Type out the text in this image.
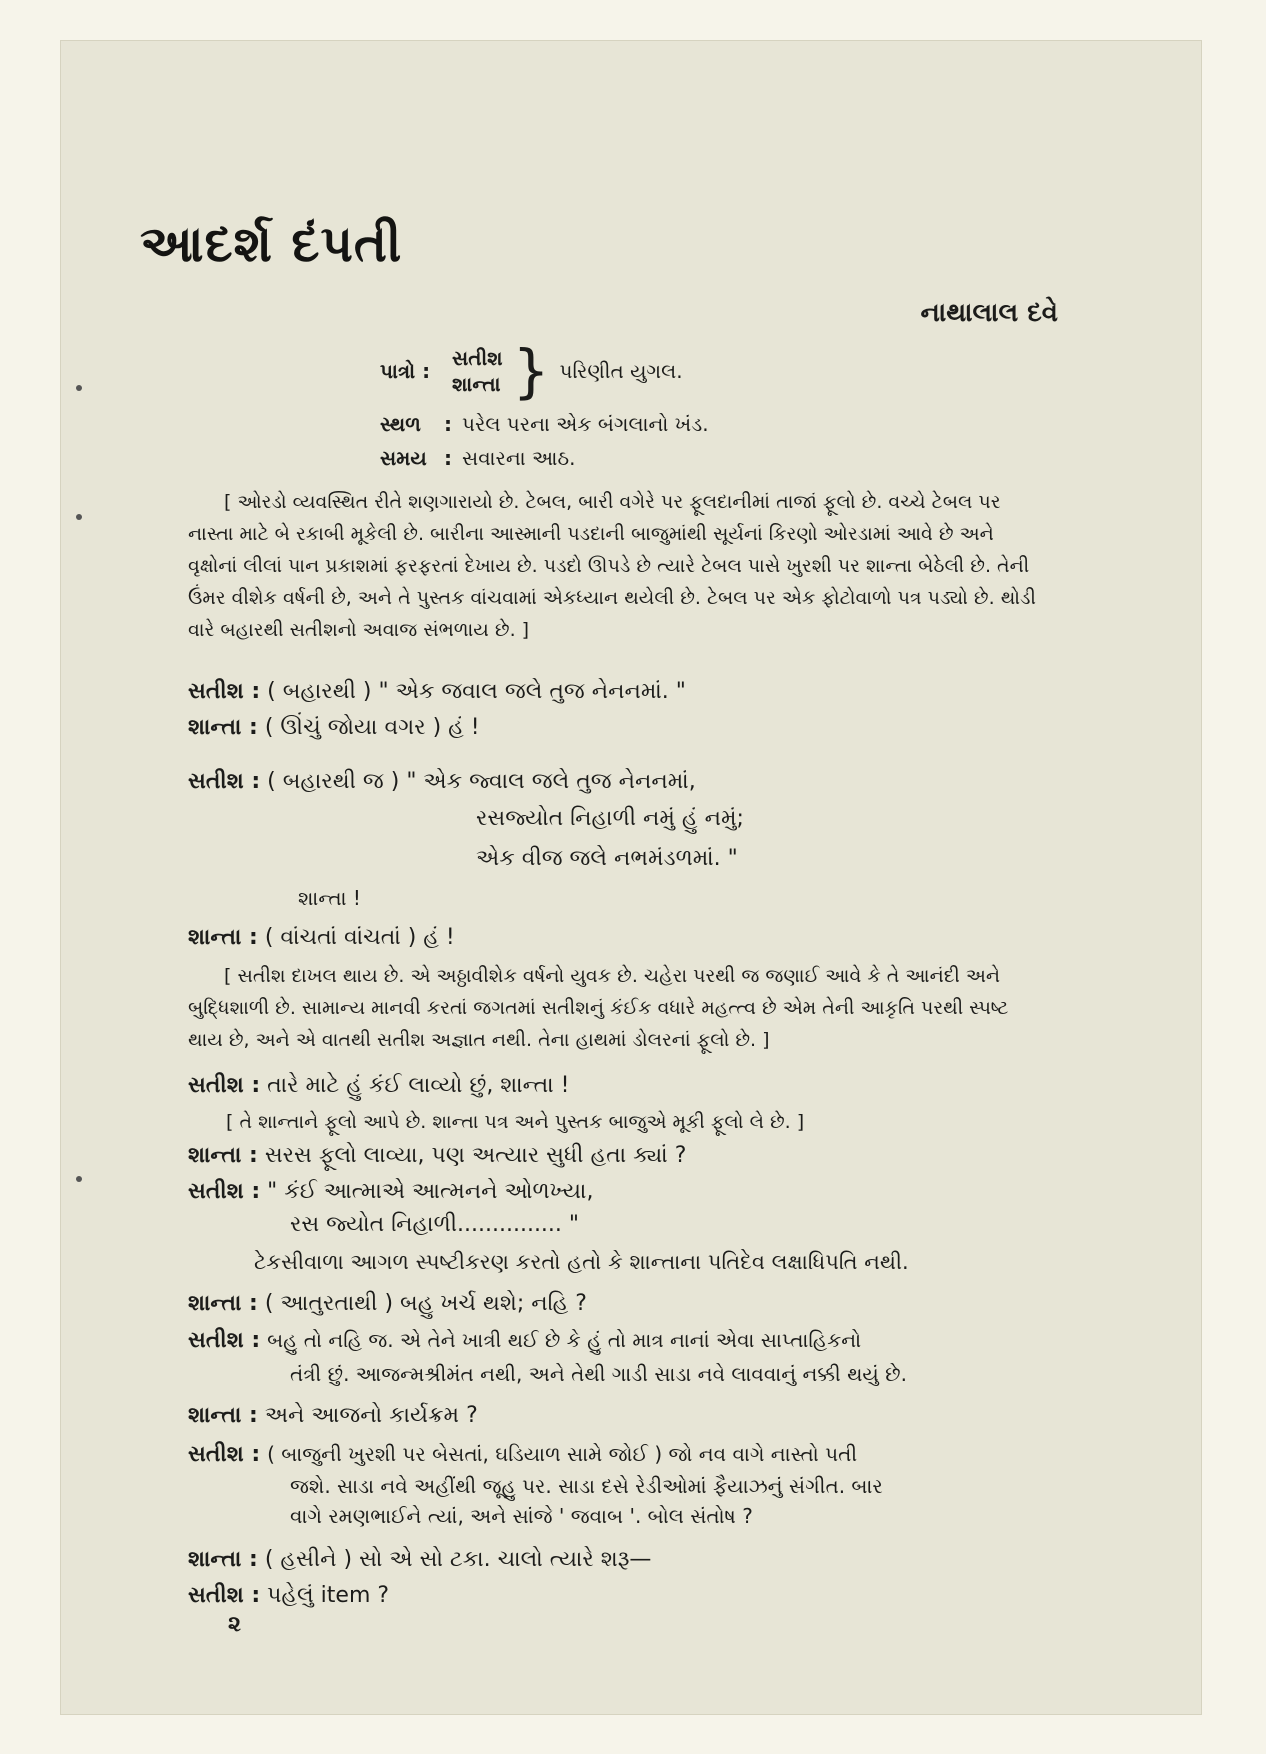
આદર્શ દંપતી
નાથાલાલ દવે
પાત્રો :
સતીશ
શાન્તા } પરિણીત યુગલ.
સ્થળ : પરેલ પરના એક બંગલાનો ખંડ.
સમય : સવારના આઠ.
[ ઓરડો વ્યવસ્થિત રીતે શણગારાયો છે. ટેબલ, બારી વગેરે પર ફૂલદાનીમાં તાજાં ફૂલો છે. વચ્ચે ટેબલ પર નાસ્તા માટે બે રકાબી મૂકેલી છે. બારીના આસ્માની પડદાની બાજુમાંથી સૂર્યનાં કિરણો ઓરડામાં આવે છે અને વૃક્ષોનાં લીલાં પાન પ્રકાશમાં ફરફરતાં દેખાય છે. પડદો ઊપડે છે ત્યારે ટેબલ પાસે ખુરશી પર શાન્તા બેઠેલી છે. તેની ઉંમર વીશેક વર્ષની છે, અને તે પુસ્તક વાંચવામાં એકધ્યાન થયેલી છે. ટેબલ પર એક ફોટોવાળો પત્ર પડ્યો છે. થોડી વારે બહારથી સતીશનો અવાજ સંભળાય છે. ]
સતીશ : ( બહારથી ) " એક જવાલ જલે તુજ નેનનમાં. "
શાન્તા : ( ઊંચું જોયા વગર ) હં !
સતીશ : ( બહારથી જ ) " એક જ્વાલ જલે તુજ નેનનમાં,
રસજ્યોત નિહાળી નમું હું નમું;
એક વીજ જલે નભમંડળમાં. "
શાન્તા !
શાન્તા : ( વાંચતાં વાંચતાં ) હં !
[ સતીશ દાખલ થાય છે. એ અઠ્ઠાવીશેક વર્ષનો યુવક છે. ચહેરા પરથી જ જણાઈ આવે કે તે આનંદી અને બુદ્ધિશાળી છે. સામાન્ય માનવી કરતાં જગતમાં સતીશનું કંઈક વધારે મહત્ત્વ છે એમ તેની આકૃતિ પરથી સ્પષ્ટ થાય છે, અને એ વાતથી સતીશ અજ્ઞાત નથી. તેના હાથમાં ડોલરનાં ફૂલો છે. ]
સતીશ : તારે માટે હું કંઈ લાવ્યો છું, શાન્તા !
[ તે શાન્તાને ફૂલો આપે છે. શાન્તા પત્ર અને પુસ્તક બાજુએ મૂકી ફૂલો લે છે. ]
શાન્તા : સરસ ફૂલો લાવ્યા, પણ અત્યાર સુધી હતા ક્યાં ?
સતીશ : " કંઈ આત્માએ આત્મનને ઓળખ્યા,
રસ જ્યોત નિહાળી............... "
ટેકસીવાળા આગળ સ્પષ્ટીકરણ કરતો હતો કે શાન્તાના પતિદેવ લક્ષાધિપતિ નથી.
શાન્તા : ( આતુરતાથી ) બહુ ખર્ચ થશે; નહિ ?
સતીશ : બહુ તો નહિ જ. એ તેને ખાત્રી થઈ છે કે હું તો માત્ર નાનાં એવા સાપ્તાહિકનો
તંત્રી છું. આજન્મશ્રીમંત નથી, અને તેથી ગાડી સાડા નવે લાવવાનું નક્કી થયું છે.
શાન્તા : અને આજનો કાર્યક્રમ ?
સતીશ : ( બાજુની ખુરશી પર બેસતાં, ઘડિયાળ સામે જોઈ ) જો નવ વાગે નાસ્તો પતી
જશે. સાડા નવે અહીંથી જૂહુ પર. સાડા દસે રેડીઓમાં ફૈયાઝનું સંગીત. બાર
વાગે રમણભાઈને ત્યાં, અને સાંજે ' જવાબ '. બોલ સંતોષ ?
શાન્તા : ( હસીને ) સો એ સો ટકા. ચાલો ત્યારે શરૂ—
સતીશ : પહેલું item ?
૨
